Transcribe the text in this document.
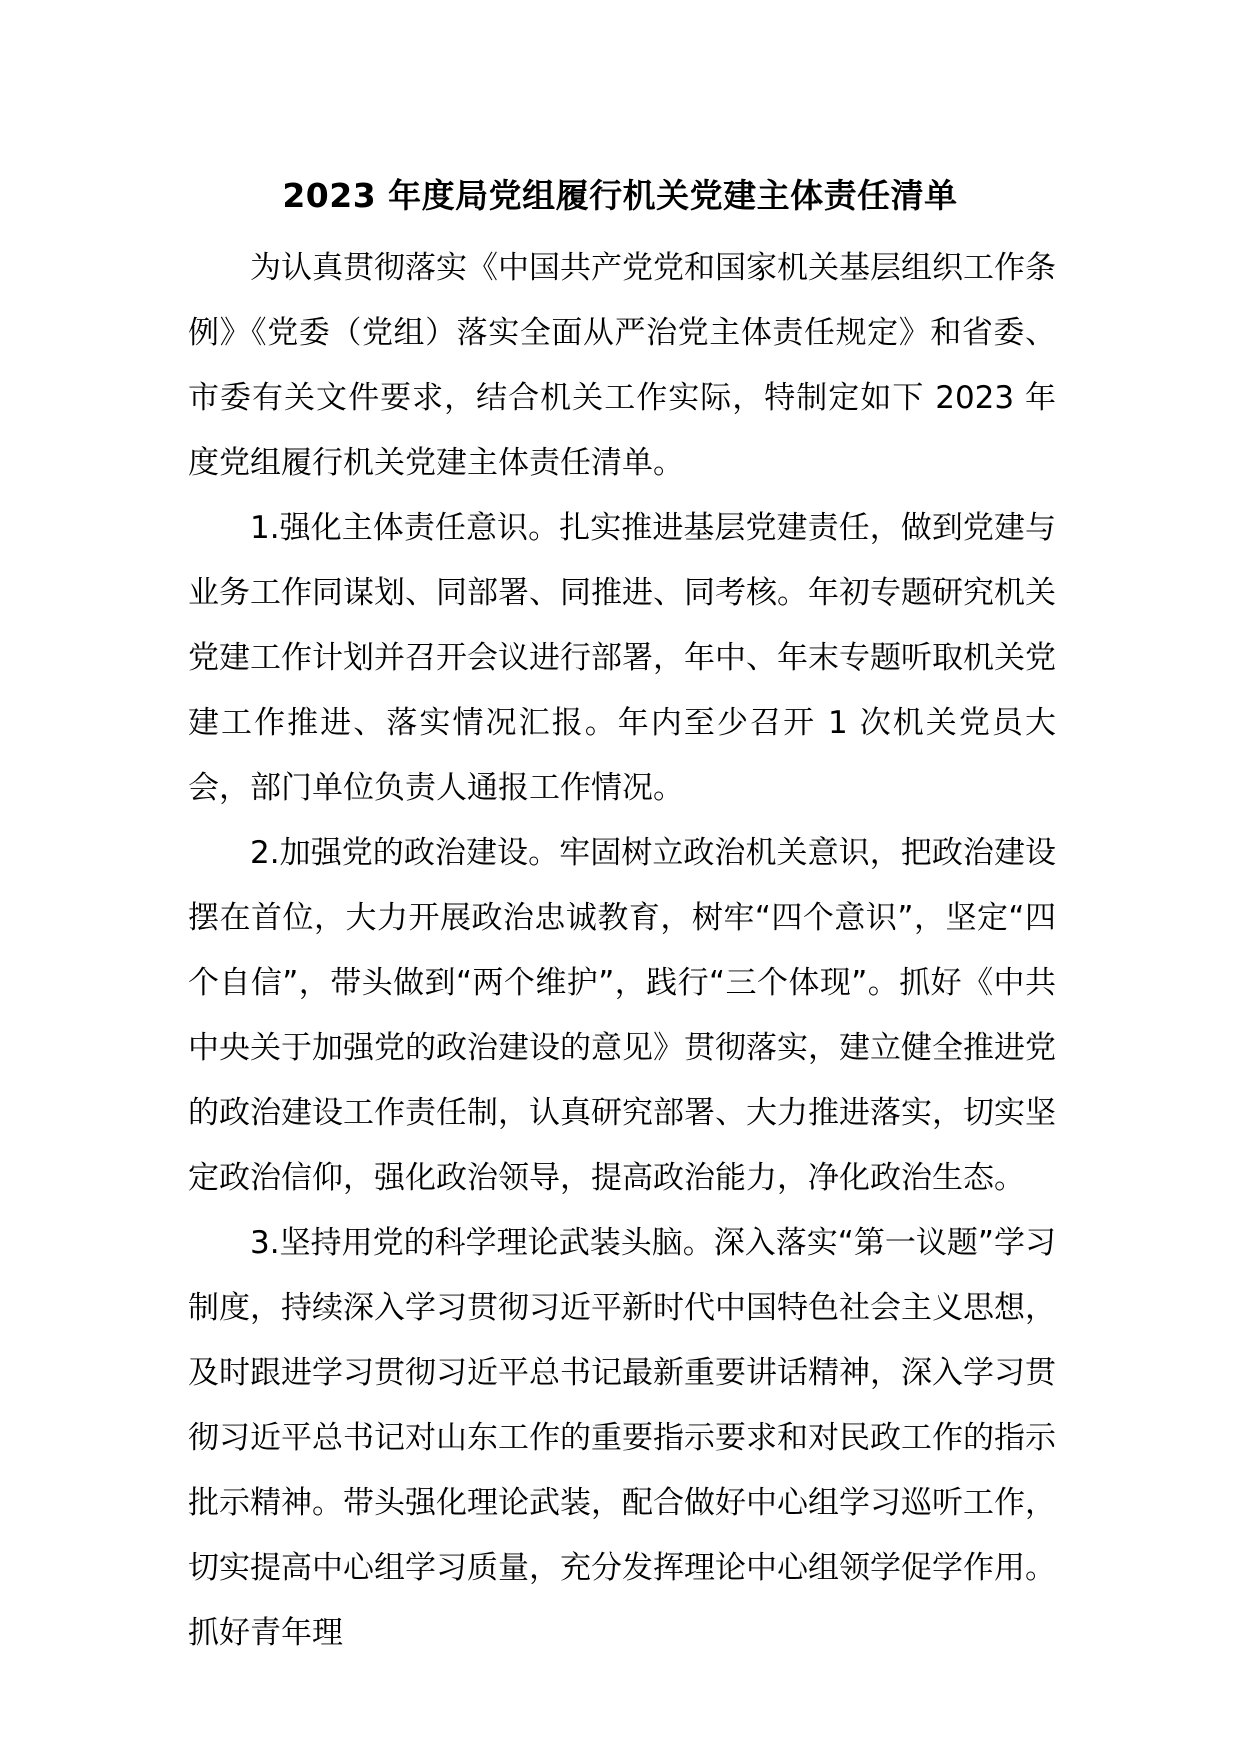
2023 年度局党组履行机关党建主体责任清单

为认真贯彻落实《中国共产党党和国家机关基层组织工作条例》《党委（党组）落实全面从严治党主体责任规定》和省委、市委有关文件要求，结合机关工作实际，特制定如下 2023 年度党组履行机关党建主体责任清单。

1.强化主体责任意识。扎实推进基层党建责任，做到党建与业务工作同谋划、同部署、同推进、同考核。年初专题研究机关党建工作计划并召开会议进行部署，年中、年末专题听取机关党建工作推进、落实情况汇报。年内至少召开 1 次机关党员大会，部门单位负责人通报工作情况。

2.加强党的政治建设。牢固树立政治机关意识，把政治建设摆在首位，大力开展政治忠诚教育，树牢“四个意识”，坚定“四个自信”，带头做到“两个维护”，践行“三个体现”。抓好《中共中央关于加强党的政治建设的意见》贯彻落实，建立健全推进党的政治建设工作责任制，认真研究部署、大力推进落实，切实坚定政治信仰，强化政治领导，提高政治能力，净化政治生态。

3.坚持用党的科学理论武装头脑。深入落实“第一议题”学习制度，持续深入学习贯彻习近平新时代中国特色社会主义思想，及时跟进学习贯彻习近平总书记最新重要讲话精神，深入学习贯彻习近平总书记对山东工作的重要指示要求和对民政工作的指示批示精神。带头强化理论武装，配合做好中心组学习巡听工作，切实提高中心组学习质量，充分发挥理论中心组领学促学作用。抓好青年理
